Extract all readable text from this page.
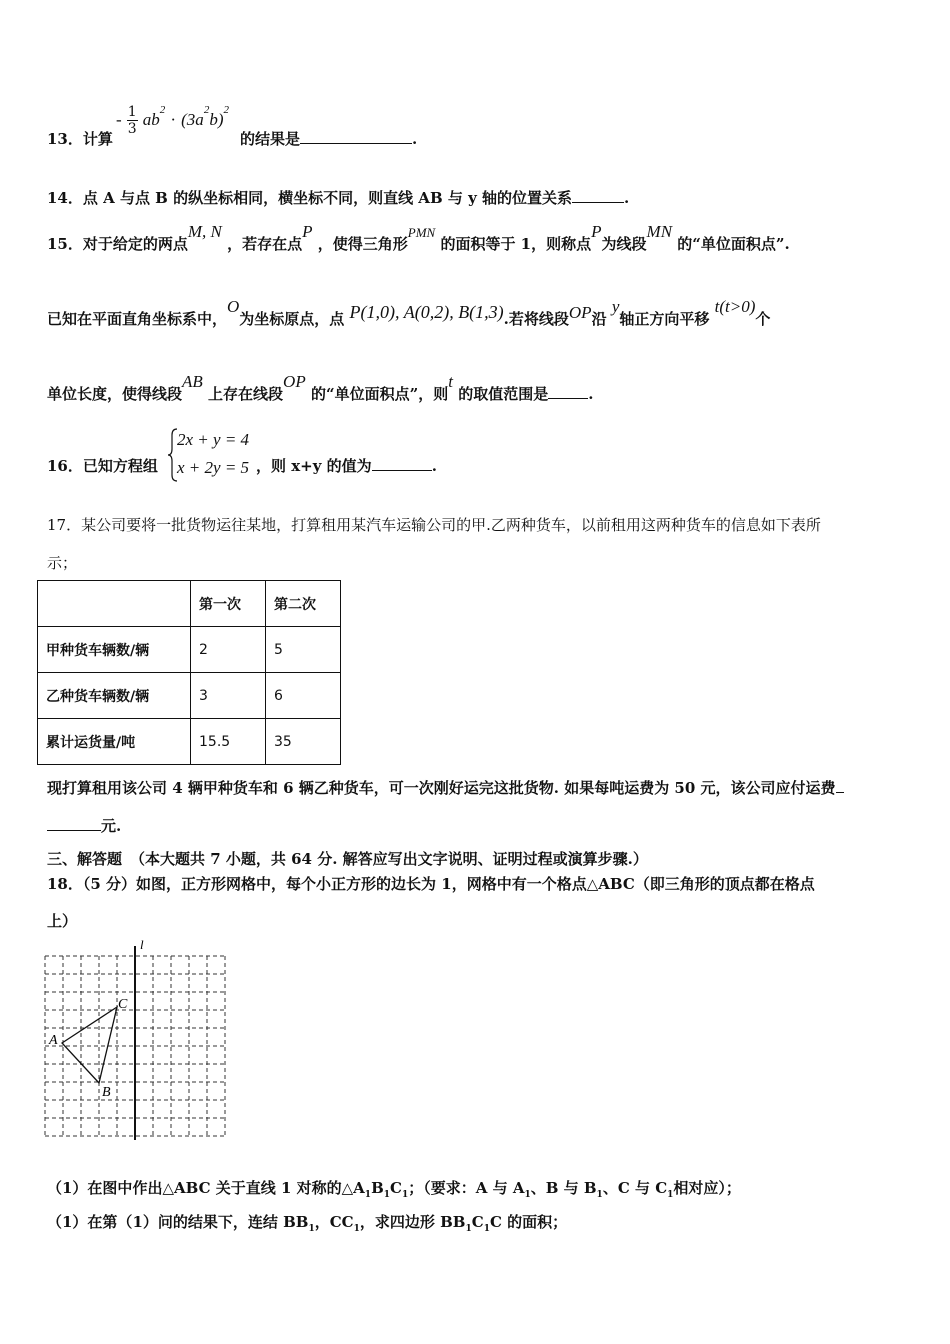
13．计算
- $\frac{1}{3} ab^2 \cdot (3a^2b)^2$
的结果是	.
14．点 A 与点 B 的纵坐标相同，横坐标不同，则直线 AB 与 y 轴的位置关系	.
15．对于给定的两点M, N ，若存在点P ，使得三角形PMN 的面积等于 1，则称点P为线段MN 的“单位面积点”.
已知在平面直角坐标系中，O为坐标原点，点 P(1,0), A(0,2), B(1,3).若将线段OP沿 y轴正方向平移 t(t>0)个
单位长度，使得线段AB 上存在线段OP 的“单位面积点”，则t 的取值范围是	.
16．已知方程组
2x + y = 4
x + 2y = 5 ，则 x+y 的值为	.
17．某公司要将一批货物运往某地，打算租用某汽车运输公司的甲.乙两种货车，以前租用这两种货车的信息如下表所
示；
	第一次	第二次
甲种货车辆数/辆	2	5
乙种货车辆数/辆	3	6
累计运货量/吨	15.5	35
现打算租用该公司 4 辆甲种货车和 6 辆乙种货车，可一次刚好运完这批货物. 如果每吨运费为 50 元，该公司应付运费
元.
三、解答题 （本大题共 7 小题，共 64 分. 解答应写出文字说明、证明过程或演算步骤.）
18．（5 分）如图，正方形网格中，每个小正方形的边长为 1，网格中有一个格点△ABC（即三角形的顶点都在格点
上）
l
A
B
C
（1）在图中作出△ABC 关于直线 1 对称的$\triangle A_1B_1C_1$；（要求：A 与 $A_1$、B 与 $B_1$、C 与 $C_1$相对应）；
（1）在第（1）问的结果下，连结 $BB_1$，$CC_1$，求四边形 $BB_1C_1C$ 的面积；
